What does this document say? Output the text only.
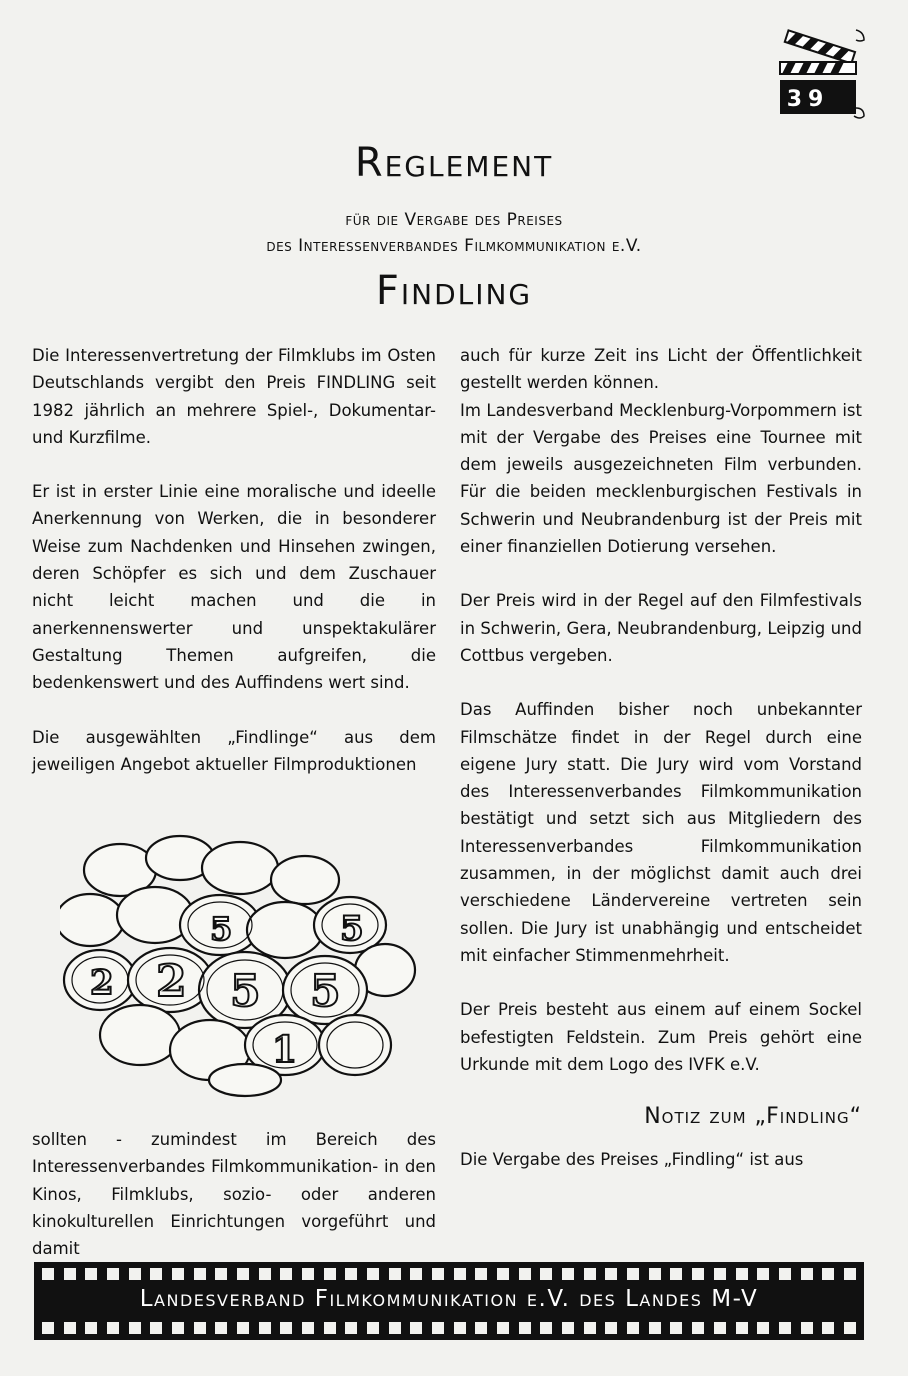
39
Reglement
für die Vergabe des Preises
des Interessenverbandes Filmkommunikation e.V.
Findling

Die Interessenvertretung der Filmklubs im Osten Deutschlands vergibt den Preis FINDLING seit 1982 jährlich an mehrere Spiel-, Dokumentar- und Kurzfilme.

Er ist in erster Linie eine moralische und ideelle Anerkennung von Werken, die in besonderer Weise zum Nachdenken und Hinsehen zwingen, deren Schöpfer es sich und dem Zuschauer nicht leicht machen und die in anerkennenswerter und unspektakulärer Gestaltung Themen aufgreifen, die bedenkenswert und des Auffindens wert sind.

Die ausgewählten „Findlinge“ aus dem jeweiligen Angebot aktueller Filmproduktionen

5 5
2
5
2
1
5

sollten - zumindest im Bereich des Interessenverbandes Filmkommunikation- in den Kinos, Filmklubs, sozio- oder anderen kinokulturellen Einrichtungen vorgeführt und damit

auch für kurze Zeit ins Licht der Öffentlichkeit gestellt werden können.

Im Landesverband Mecklenburg-Vorpommern ist mit der Vergabe des Preises eine Tournee mit dem jeweils ausgezeichneten Film verbunden. Für die beiden mecklenburgischen Festivals in Schwerin und Neubrandenburg ist der Preis mit einer finanziellen Dotierung versehen.

Der Preis wird in der Regel auf den Filmfestivals in Schwerin, Gera, Neubrandenburg, Leipzig und Cottbus vergeben.

Das Auffinden bisher noch unbekannter Filmschätze findet in der Regel durch eine eigene Jury statt. Die Jury wird vom Vorstand des Interessenverbandes Filmkommunikation bestätigt und setzt sich aus Mitgliedern des Interessenverbandes Filmkommunikation zusammen, in der möglichst damit auch drei verschiedene Ländervereine vertreten sein sollen. Die Jury ist unabhängig und entscheidet mit einfacher Stimmenmehrheit.

Der Preis besteht aus einem auf einem Sockel befestigten Feldstein. Zum Preis gehört eine Urkunde mit dem Logo des IVFK e.V.

Notiz zum „Findling“

Die Vergabe des Preises „Findling“ ist aus

Landesverband Filmkommunikation e.V. des Landes M-V
